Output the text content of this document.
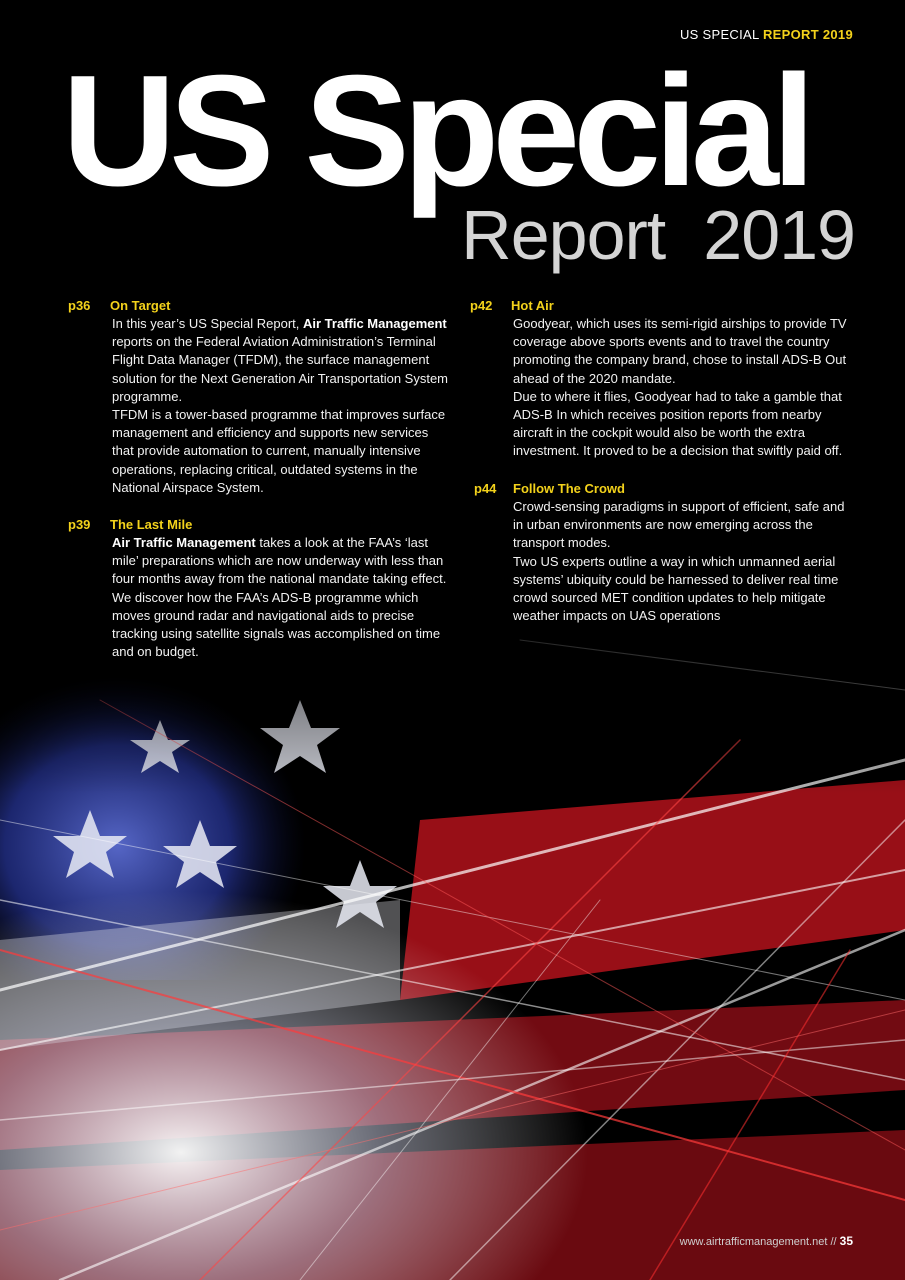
US SPECIAL REPORT 2019
US Special
Report 2019
p36 On Target

In this year’s US Special Report, Air Traffic Management reports on the Federal Aviation Administration’s Terminal Flight Data Manager (TFDM), the surface management solution for the Next Generation Air Transportation System programme.

TFDM is a tower-based programme that improves surface management and efficiency and supports new services that provide automation to current, manually intensive operations, replacing critical, outdated systems in the National Airspace System.

p39 The Last Mile

Air Traffic Management takes a look at the FAA’s ‘last mile’ preparations which are now underway with less than four months away from the national mandate taking effect.

We discover how the FAA’s ADS-B programme which moves ground radar and navigational aids to precise tracking using satellite signals was accomplished on time and on budget.

p42 Hot Air

Goodyear, which uses its semi-rigid airships to provide TV coverage above sports events and to travel the country promoting the company brand, chose to install ADS-B Out ahead of the 2020 mandate.

Due to where it flies, Goodyear had to take a gamble that ADS-B In which receives position reports from nearby aircraft in the cockpit would also be worth the extra investment. It proved to be a decision that swiftly paid off.

p44 Follow The Crowd

Crowd-sensing paradigms in support of efficient, safe and in urban environments are now emerging across the transport modes.

Two US experts outline a way in which unmanned aerial systems’ ubiquity could be harnessed to deliver real time crowd sourced MET condition updates to help mitigate weather impacts on UAS operations

www.airtrafficmanagement.net // 35
